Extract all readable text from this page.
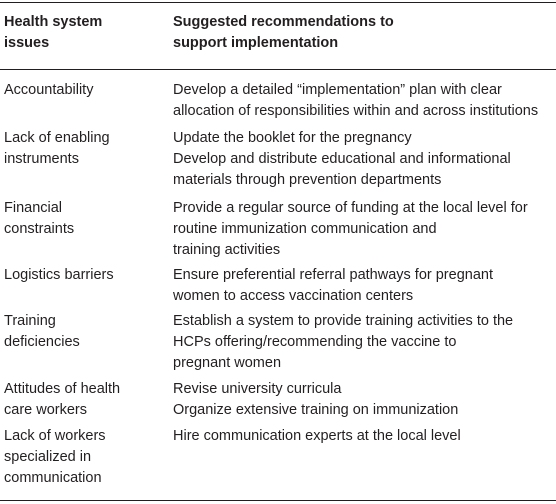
Health system
issues
Suggested recommendations to
support implementation
Accountability	Develop a detailed “implementation” plan with clear
allocation of responsibilities within and across institutions
Lack of enabling
instruments
Update the booklet for the pregnancy
Develop and distribute educational and informational
materials through prevention departments
Financial
constraints
Provide a regular source of funding at the local level for
routine immunization communication and
training activities
Logistics barriers	Ensure preferential referral pathways for pregnant
women to access vaccination centers
Training
deficiencies
Establish a system to provide training activities to the
HCPs offering/recommending the vaccine to
pregnant women
Attitudes of health
care workers
Revise university curricula
Organize extensive training on immunization
Lack of workers
specialized in
communication
Hire communication experts at the local level
